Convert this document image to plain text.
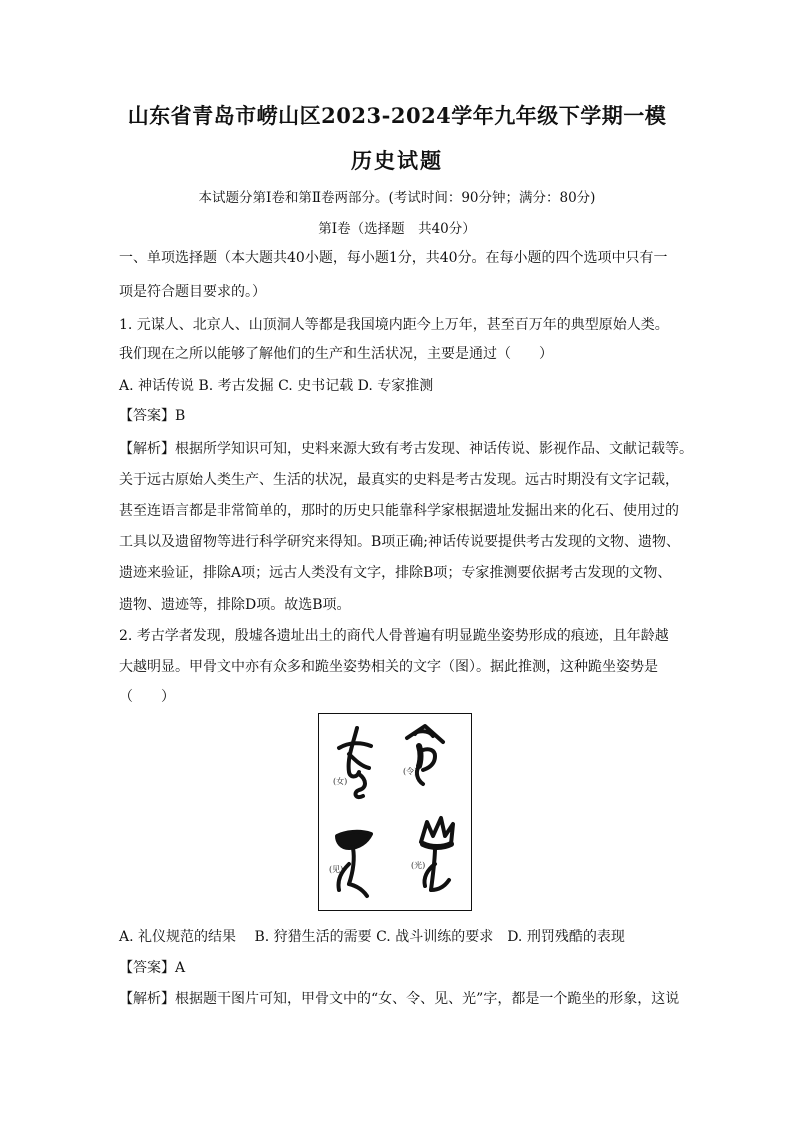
山东省青岛市崂山区2023-2024学年九年级下学期一模
历史试题
本试题分第Ⅰ卷和第Ⅱ卷两部分。(考试时间：90分钟；满分：80分)
第Ⅰ卷（选择题　共40分）
一、单项选择题（本大题共40小题，每小题1分，共40分。在每小题的四个选项中只有一
项是符合题目要求的。）
1. 元谋人、北京人、山顶洞人等都是我国境内距今上万年，甚至百万年的典型原始人类。
我们现在之所以能够了解他们的生产和生活状况，主要是通过（　　）
A. 神话传说 B. 考古发掘 C. 史书记载 D. 专家推测
【答案】B
【解析】根据所学知识可知，史料来源大致有考古发现、神话传说、影视作品、文献记载等。
关于远古原始人类生产、生活的状况，最真实的史料是考古发现。远古时期没有文字记载，
甚至连语言都是非常简单的，那时的历史只能靠科学家根据遗址发掘出来的化石、使用过的
工具以及遗留物等进行科学研究来得知。B项正确;神话传说要提供考古发现的文物、遗物、
遗迹来验证，排除A项；远古人类没有文字，排除B项；专家推测要依据考古发现的文物、
遗物、遗迹等，排除D项。故选B项。
2. 考古学者发现，殷墟各遗址出土的商代人骨普遍有明显跪坐姿势形成的痕迹，且年龄越
大越明显。甲骨文中亦有众多和跪坐姿势相关的文字（图）。据此推测，这种跪坐姿势是
（　　）
(女)
(令)
(见)	(光)
A. 礼仪规范的结果　 B. 狩猎生活的需要 C. 战斗训练的要求　D. 刑罚残酷的表现
【答案】A
【解析】根据题干图片可知，甲骨文中的“女、令、见、光”字，都是一个跪坐的形象，这说
